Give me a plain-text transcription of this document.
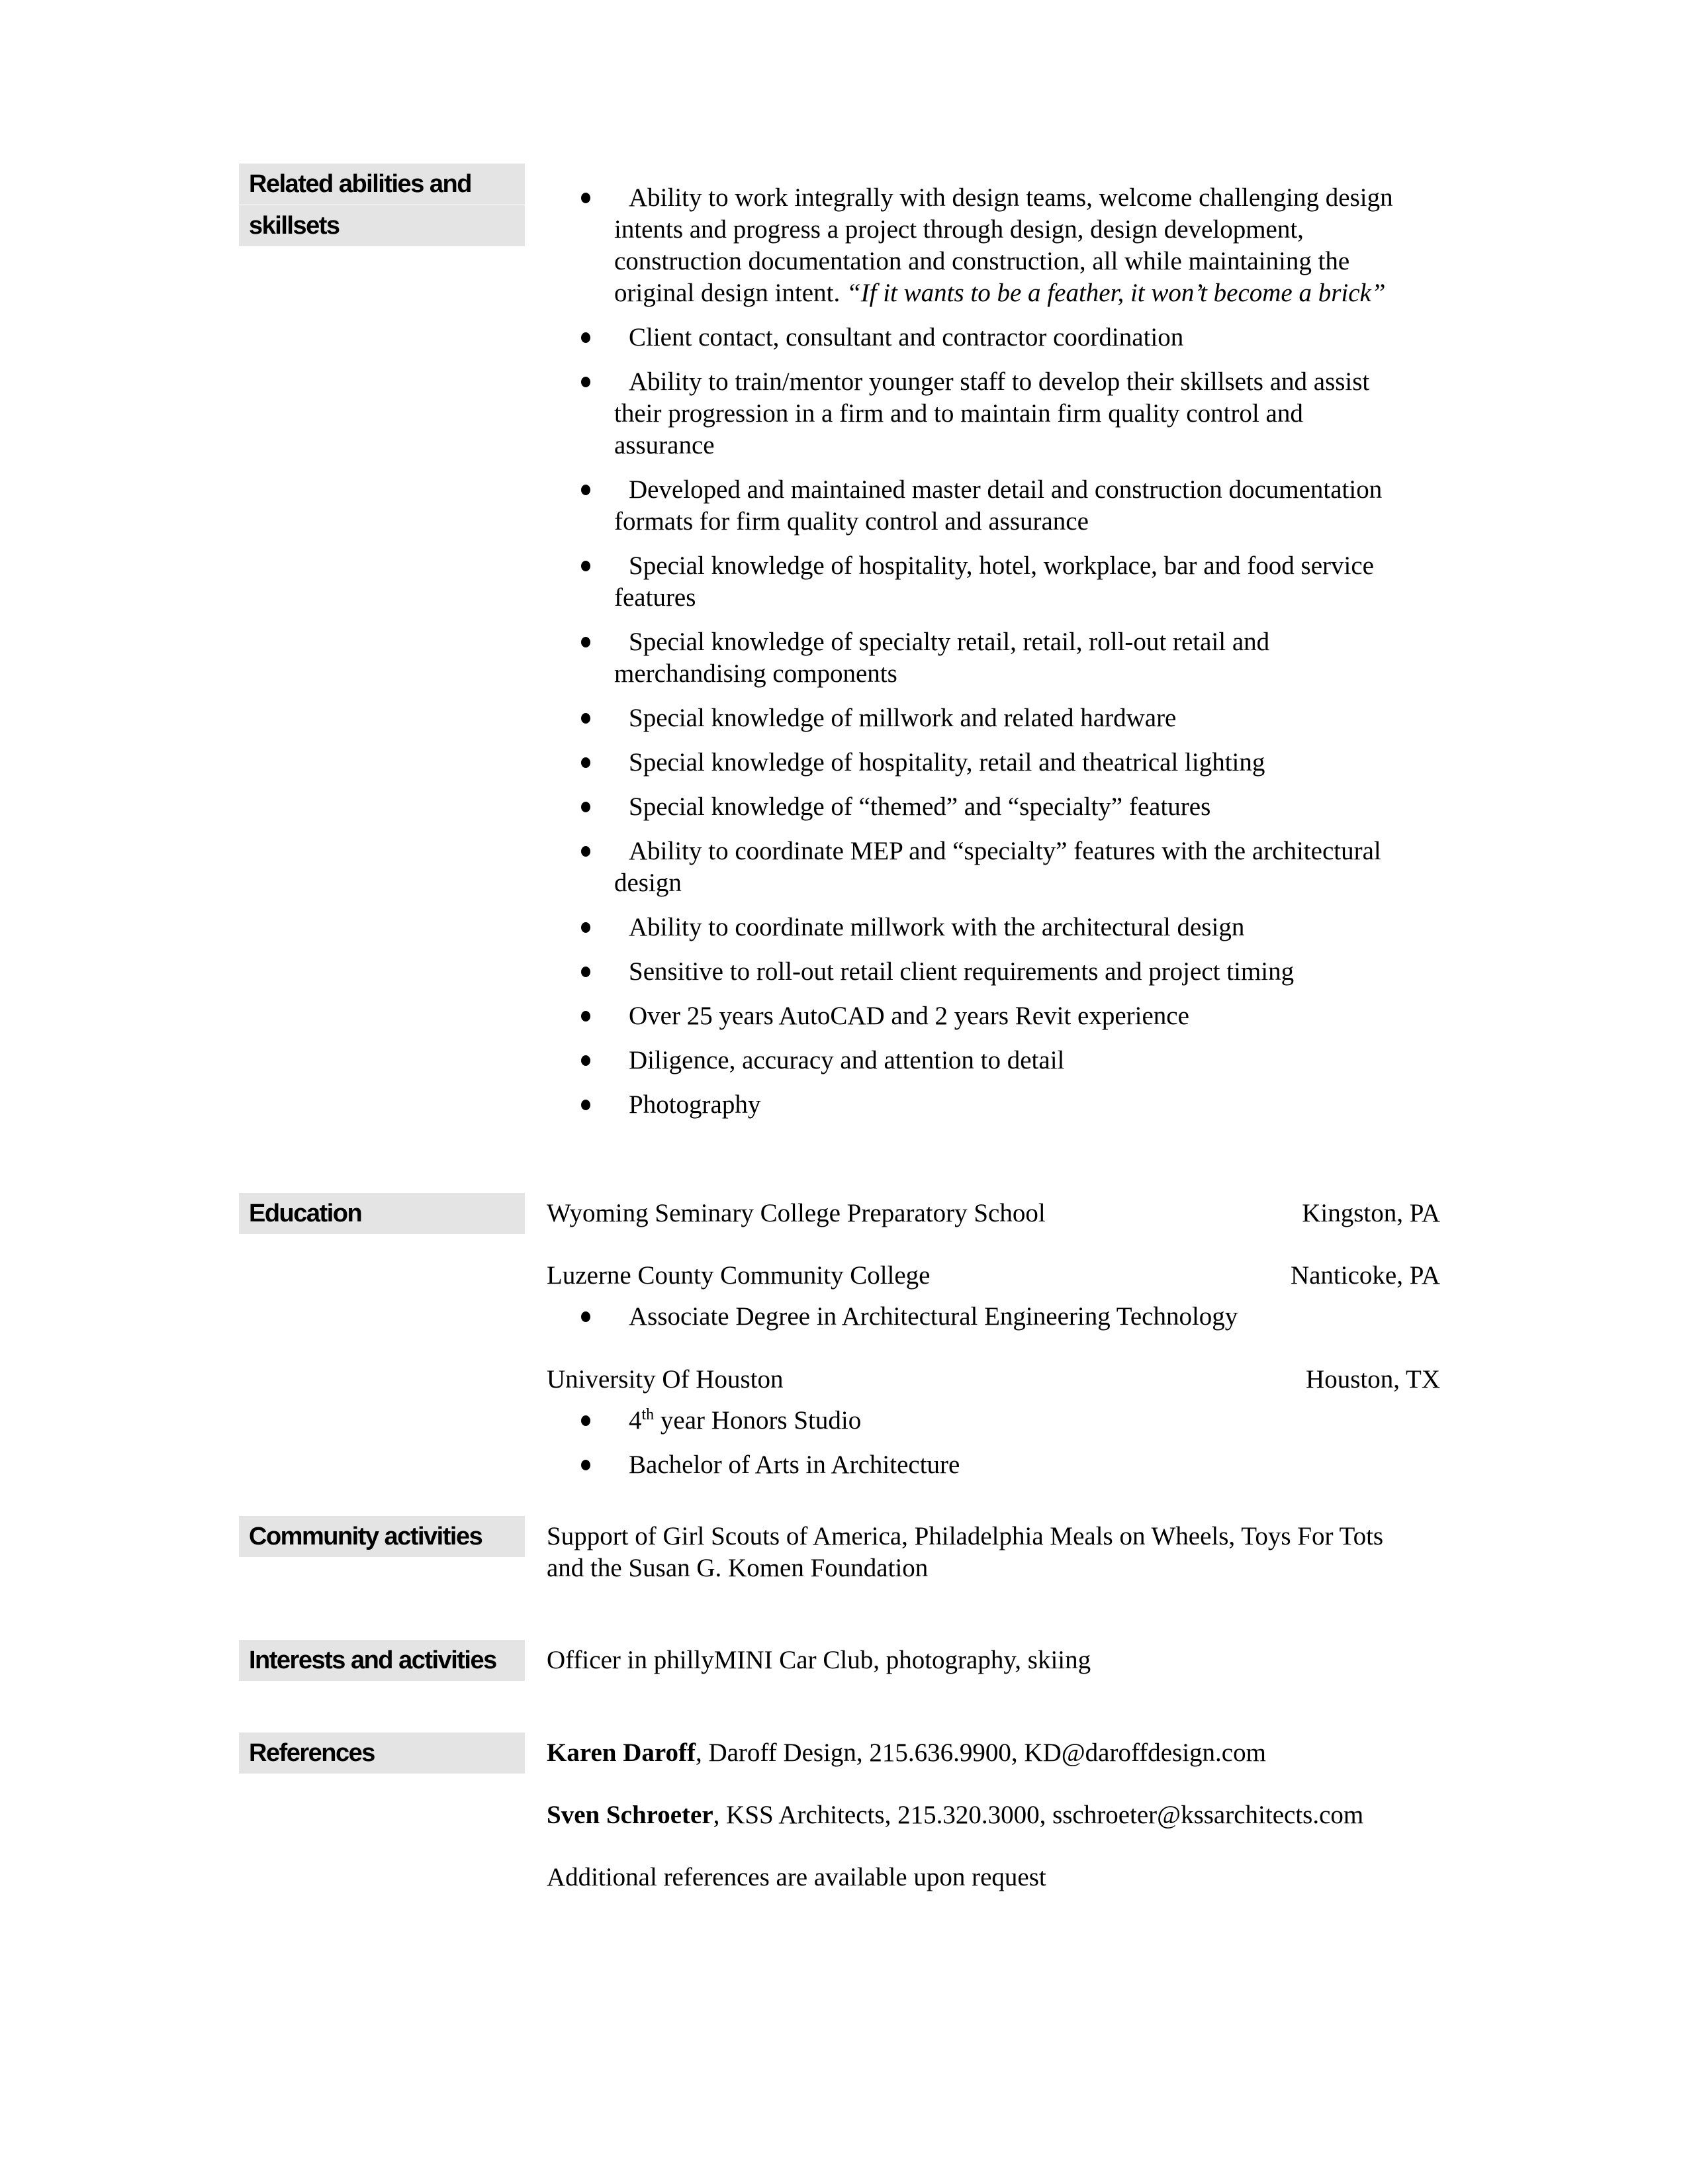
Related abilities and
skillsets
Ability to work integrally with design teams, welcome challenging design intents and progress a project through design, design development, construction documentation and construction, all while maintaining the original design intent. “If it wants to be a feather, it won’t become a brick”
Client contact, consultant and contractor coordination
Ability to train/mentor younger staff to develop their skillsets and assist their progression in a firm and to maintain firm quality control and assurance
Developed and maintained master detail and construction documentation formats for firm quality control and assurance
Special knowledge of hospitality, hotel, workplace, bar and food service features
Special knowledge of specialty retail, retail, roll-out retail and merchandising components
Special knowledge of millwork and related hardware
Special knowledge of hospitality, retail and theatrical lighting
Special knowledge of “themed” and “specialty” features
Ability to coordinate MEP and “specialty” features with the architectural design
Ability to coordinate millwork with the architectural design
Sensitive to roll-out retail client requirements and project timing
Over 25 years AutoCAD and 2 years Revit experience
Diligence, accuracy and attention to detail
Photography
Education	Wyoming Seminary College Preparatory School	Kingston, PA
Luzerne County Community College	Nanticoke, PA
Associate Degree in Architectural Engineering Technology
University Of Houston	Houston, TX
4th year Honors Studio
Bachelor of Arts in Architecture
Community activities	Support of Girl Scouts of America, Philadelphia Meals on Wheels, Toys For Tots and the Susan G. Komen Foundation
Interests and activities	Officer in phillyMINI Car Club, photography, skiing
References	Karen Daroff, Daroff Design, 215.636.9900, KD@daroffdesign.com
Sven Schroeter, KSS Architects, 215.320.3000, sschroeter@kssarchitects.com
Additional references are available upon request
